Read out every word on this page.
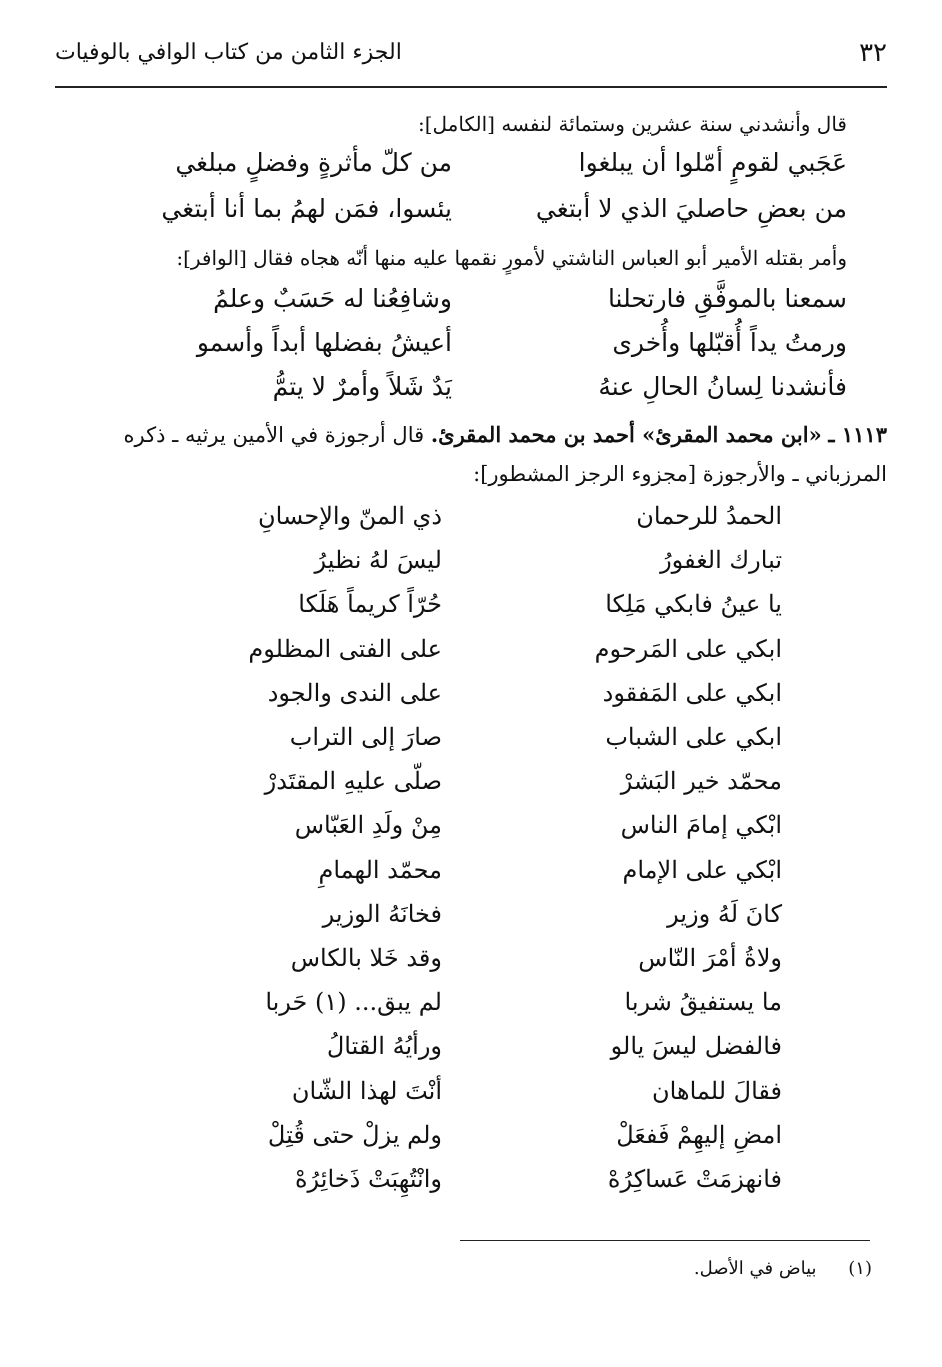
٣٢
الجزء الثامن من كتاب الوافي بالوفيات
قال وأنشدني سنة عشرين وستمائة لنفسه [الكامل]:
عَجَبي لقومٍ أمّلوا أن يبلغوا
من كلّ مأثرةٍ وفضلٍ مبلغي
من بعضِ حاصليَ الذي لا أبتغي
يئسوا، فمَن لهمُ بما أنا أبتغي
وأمر بقتله الأمير أبو العباس الناشتي لأمورٍ نقمها عليه منها أنّه هجاه فقال [الوافر]:
سمعنا بالموفَّقِ فارتحلنا
وشافِعُنا له حَسَبٌ وعلمُ
ورمتُ يداً أُقبّلها وأُخرى
أعيشُ بفضلها أبداً وأسمو
فأنشدنا لِسانُ الحالِ عنهُ
يَدٌ شَلاً وأمرٌ لا يتمُّ
١١١٣ ـ «ابن محمد المقرئ» أحمد بن محمد المقرئ. قال أرجوزة في الأمين يرثيه ـ ذكره
المرزباني ـ والأرجوزة [مجزوء الرجز المشطور]:
الحمدُ للرحمان
ذي المنّ والإحسانِ
تبارك الغفورُ
ليسَ لهُ نظيرُ
يا عينُ فابكي مَلِكا
حُرّاً كريماً هَلَكا
ابكي على المَرحوم
على الفتى المظلوم
ابكي على المَفقود
على الندى والجود
ابكي على الشباب
صارَ إلى التراب
محمّد خير البَشرْ
صلّى عليهِ المقتَدرْ
ابْكي إمامَ الناس
مِنْ ولَدِ العَبّاس
ابْكي على الإمام
محمّد الهمامِ
كانَ لَهُ وزير
فخانَهُ الوزير
ولاةُ أمْرَ النّاس
وقد خَلا بالكاس
ما يستفيقُ شربا
لم يبق... (١) حَربا
فالفضل ليسَ يالو
ورأيُهُ القتالُ
فقالَ للماهان
أنْتَ لهذا الشّان
امضِ إليهِمْ فَفعَلْ
ولم يزلْ حتى قُتِلْ
فانهزمَتْ عَساكِرُهْ
وانْتُهِبَتْ ذَخائِرُهْ
(١) بياض في الأصل.
